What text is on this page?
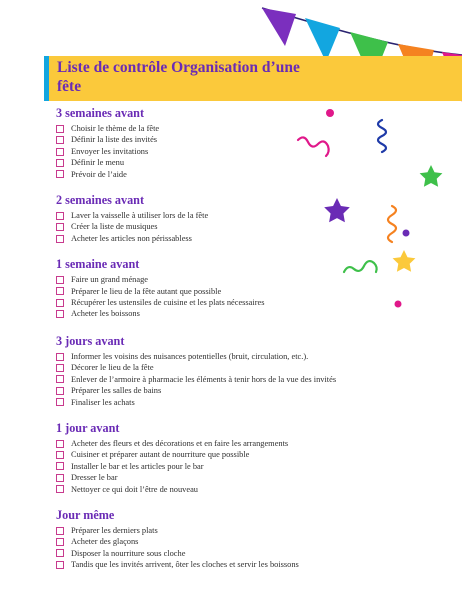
Liste de contrôle Organisation d’une fête
3 semaines avant
Choisir le thème de la fête
Définir la liste des invités
Envoyer les invitations
Définir le menu
Prévoir de l’aide
2 semaines avant
Laver la vaisselle à utiliser lors de la fête
Créer la liste de musiques
Acheter les articles non périssabless
1 semaine avant
Faire un grand ménage
Préparer le lieu de la fête autant que possible
Récupérer les ustensiles de cuisine et les plats nécessaires
Acheter les boissons
3 jours avant
Informer les voisins des nuisances potentielles (bruit, circulation, etc.).
Décorer le lieu de la fête
Enlever de l’armoire à pharmacie les éléments à tenir hors de la vue des invités
Préparer les salles de bains
Finaliser les achats
1 jour avant
Acheter des fleurs et des décorations et en faire les arrangements
Cuisiner et préparer autant de nourriture que possible
Installer le bar et les articles pour le bar
Dresser le bar
Nettoyer ce qui doit l’être de nouveau
Jour même
Préparer les derniers plats
Acheter des glaçons
Disposer la nourriture sous cloche
Tandis que les invités arrivent, ôter les cloches et servir les boissons
